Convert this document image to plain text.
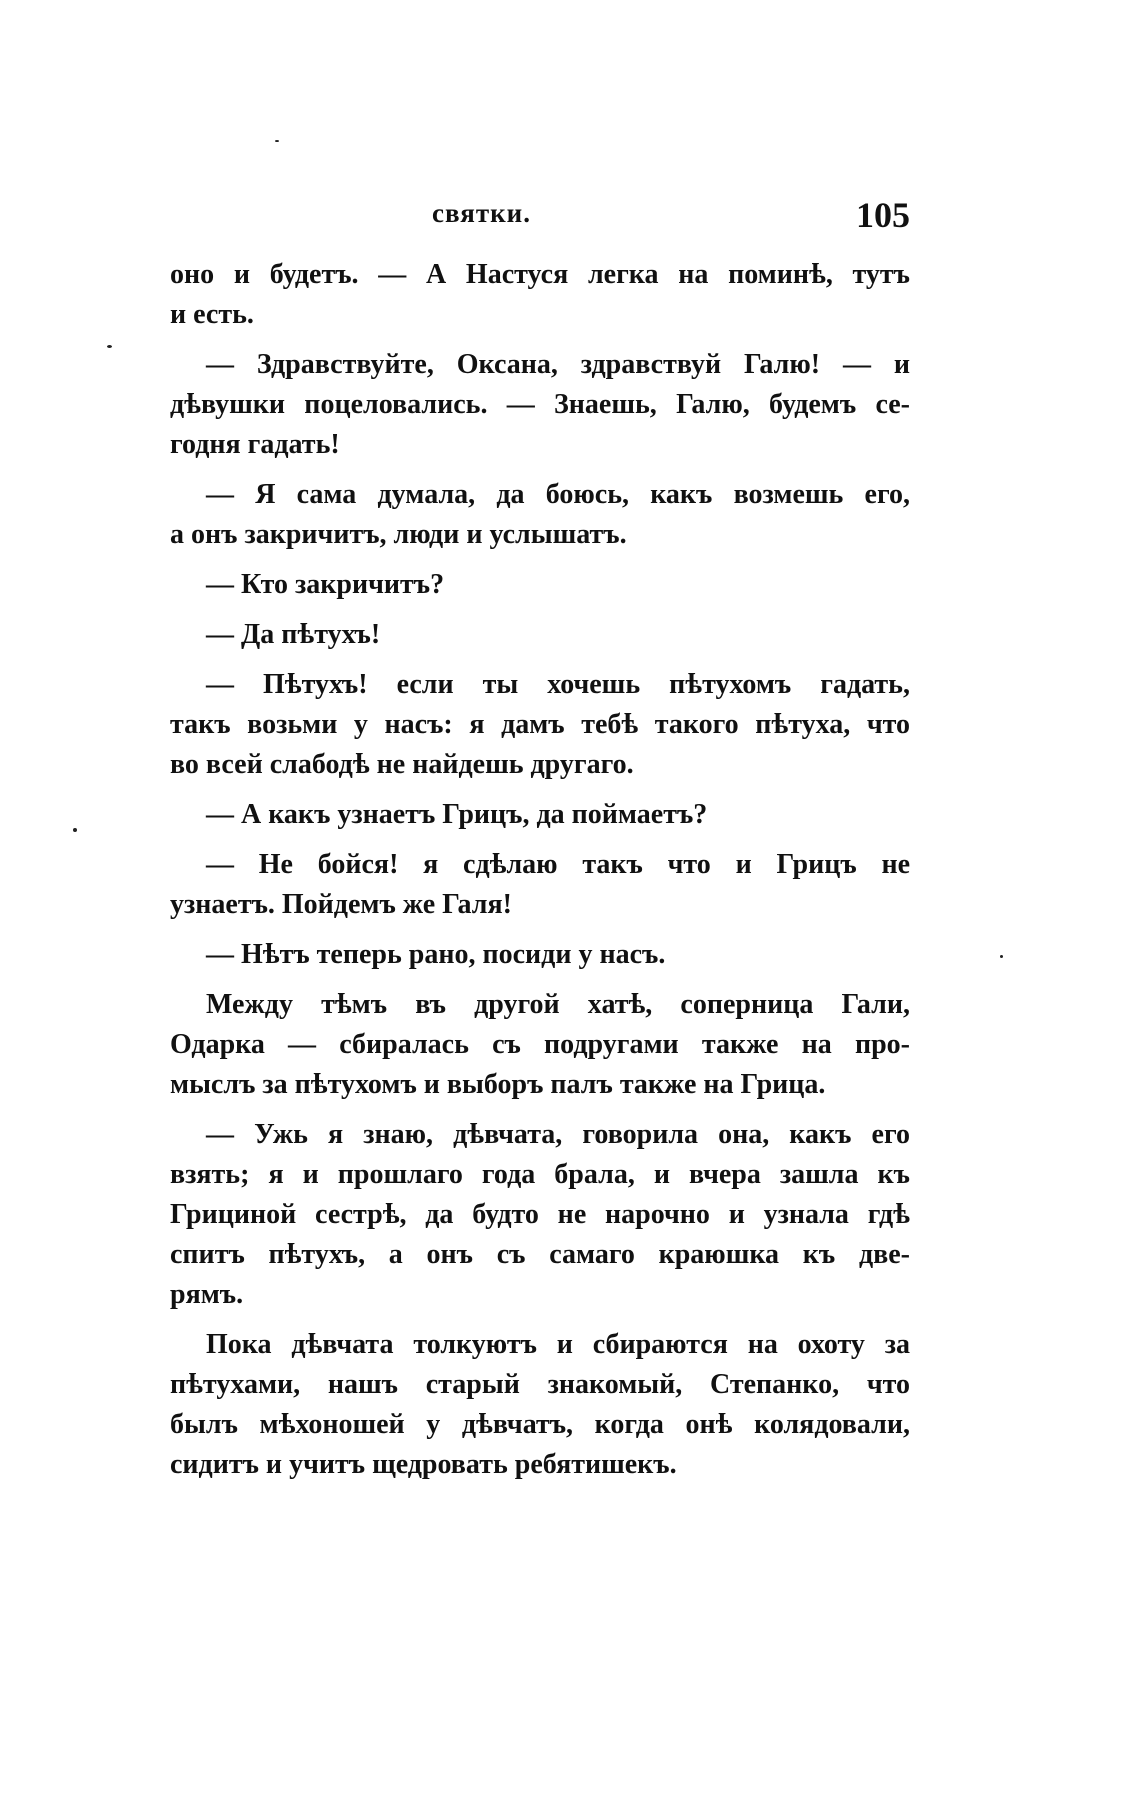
святки.	105
оно и будетъ. — А Настуся легка на поминѣ, тутъ
и есть.
— Здравствуйте, Оксана, здравствуй Галю! — и
дѣвушки поцеловались. — Знаешь, Галю, будемъ се-
годня гадать!
— Я сама думала, да боюсь, какъ возмешь его,
а онъ закричитъ, люди и услышатъ.
— Кто закричитъ?
— Да пѣтухъ!
— Пѣтухъ! если ты хочешь пѣтухомъ гадать,
такъ возьми у насъ: я дамъ тебѣ такого пѣтуха, что
во всей слабодѣ не найдешь другаго.
— А какъ узнаетъ Грицъ, да поймаетъ?
— Не бойся! я сдѣлаю такъ что и Грицъ не
узнаетъ. Пойдемъ же Галя!
— Нѣтъ теперь рано, посиди у насъ.
Между тѣмъ въ другой хатѣ, соперница Гали,
Одарка — сбиралась съ подругами также на про-
мыслъ за пѣтухомъ и выборъ палъ также на Грица.
— Ужь я знаю, дѣвчата, говорила она, какъ его
взять; я и прошлаго года брала, и вчера зашла къ
Грициной сестрѣ, да будто не нарочно и узнала гдѣ
спитъ пѣтухъ, а онъ съ самаго краюшка къ две-
рямъ.
Пока дѣвчата толкуютъ и сбираются на охоту за
пѣтухами, нашъ старый знакомый, Степанко, что
былъ мѣхоношей у дѣвчатъ, когда онѣ колядовали,
сидитъ и учитъ щедровать ребятишекъ.
